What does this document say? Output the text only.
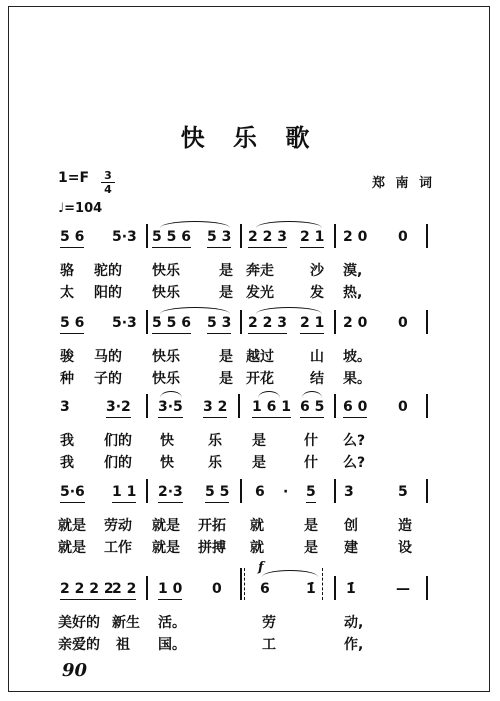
快 乐 歌
1=F 3
4	郑 南 词
♩=104
5 6 5·3 5 5 6 5 3 2 2 3 2 1 2 0 0
骆 驼的 快乐	是 奔走	沙 漠,
太 阳的 快乐	是 发光	发 热,
5 6 5·3 5 5 6 5 3 2 2 3 2 1 2 0 0
骏 马的 快乐	是 越过	山 坡。
种 子的 快乐	是 开花	结 果。
3	3·2 3·5 3 2 1 6 1 6 5 6 0 0
我 们的 快 乐 是	什 么?
我 们的 快 乐 是	什 么?
5·6 1 1 2·3 5 5 6 · 5 3	5
就是 劳动 就是 开拓 就	是 创	造
就是 工作 就是 拼搏 就	是 建	设
2 2 2 2
2 2 1 0 0
f
6	1̇ 1̇	—
美好的 新生 活。	劳	动,
亲爱的 祖 国。	工	作,
90
